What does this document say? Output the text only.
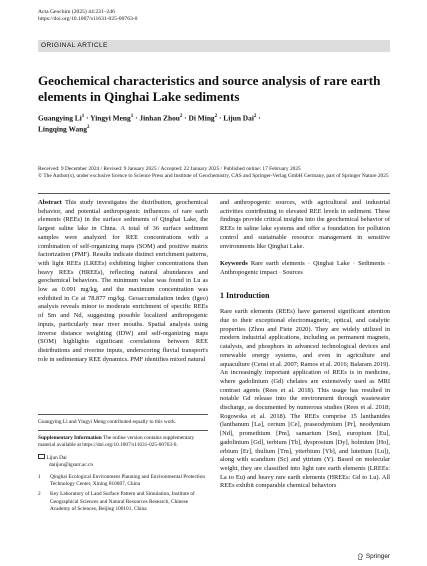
Acta Geochim (2025) 44:231–246
https://doi.org/10.1007/s11631-025-00763-0
ORIGINAL ARTICLE
Geochemical characteristics and source analysis of rare earth elements in Qinghai Lake sediments
Guangying $Li^1$ · Yingyi Meng$^1$ · Jinhan Zhou$^2$ · Di Ming$^2$ · Lijun Dai$^2$ ·
Lingqing Wang$^2$
Received: 9 December 2024 / Revised: 9 January 2025 / Accepted: 22 January 2025 / Published online: 17 February 2025
© The Author(s), under exclusive licence to Science Press and Institute of Geochemistry, CAS and Springer-Verlag GmbH Germany, part of Springer Nature 2025

Abstract This study investigates the distribution, geochemical behavior, and potential anthropogenic influences of rare earth elements (REEs) in the surface sediments of Qinghai Lake, the largest saline lake in China. A total of 36 surface sediment samples were analyzed for REE concentrations with a combination of self-organizing maps (SOM) and positive matrix factorization (PMF). Results indicate distinct enrichment patterns, with light REEs (LREEs) exhibiting higher concentrations than heavy REEs (HREEs), reflecting natural abundances and geochemical behaviors. The minimum value was found in Lu as low as 0.091 mg/kg, and the maximum concentration was exhibited in Ce at 78.877 mg/kg. Geoaccumulation index (Igeo) analysis reveals minor to moderate enrichment of specific REEs of Sm and Nd, suggesting possible localized anthropogenic inputs, particularly near river mouths. Spatial analysis using inverse distance weighting (IDW) and self-organizing maps (SOM) highlights significant correlations between REE distributions and riverine inputs, underscoring fluvial transport's role in sedimentary REE dynamics. PMF identifies mixed natural

and anthropogenic sources, with agricultural and industrial activities contributing to elevated REE levels in sediment. These findings provide critical insights into the geochemical behavior of REEs in saline lake systems and offer a foundation for pollution control and sustainable resource management in sensitive environments like Qinghai Lake.

Keywords Rare earth elements · Qinghai Lake · Sediments · Anthropogenic impact · Sources

1 Introduction

Rare earth elements (REEs) have garnered significant attention due to their exceptional electromagnetic, optical, and catalytic properties (Zhou and Fiete 2020). They are widely utilized in modern industrial applications, including as permanent magnets, catalysts, and phosphors in advanced technological devices and renewable energy systems, and even in agriculture and aquaculture (Censi et al. 2007; Ramos et al. 2016; Balaram 2019). An increasingly important application of REEs is in medicine, where gadolinium (Gd) chelates are extensively used as MRI contrast agents (Rees et al. 2018). This usage has resulted in notable Gd release into the environment through wastewater discharge, as documented by numerous studies (Rees et al. 2018; Rogowska et al. 2018). The REEs comprise 15 lanthanides (lanthanum [La], cerium [Ce], praseodymium [Pr], neodymium [Nd], promethium [Pm], samarium [Sm], europium [Eu], gadolinium [Gd], terbium [Tb], dysprosium [Dy], holmium [Ho], erbium [Er], thulium [Tm], ytterbium [Yb], and lutetium [Lu]), along with scandium (Sc) and yttrium (Y). Based on molecular weight, they are classified into light rare earth elements (LREEs: La to Eu) and heavy rare earth elements (HREEs: Gd to Lu). All REEs exhibit comparable chemical behaviors

Guangying Li and Yingyi Meng contributed equally to this work.
Supplementary Information The online version contains supplementary material available at https://doi.org/10.1007/s11631-025-00763-0.
Lijun Dai
daiijun@igsnrr.ac.cn
1	Qinghai Ecological Environment Planning and Environmental Protection Technology Center, Xining 810007, China
2	Key Laboratory of Land Surface Pattern and Simulation, Institute of Geographical Sciences and Natural Resources Research, Chinese Academy of Sciences, Beijing 100101, China
Springer
